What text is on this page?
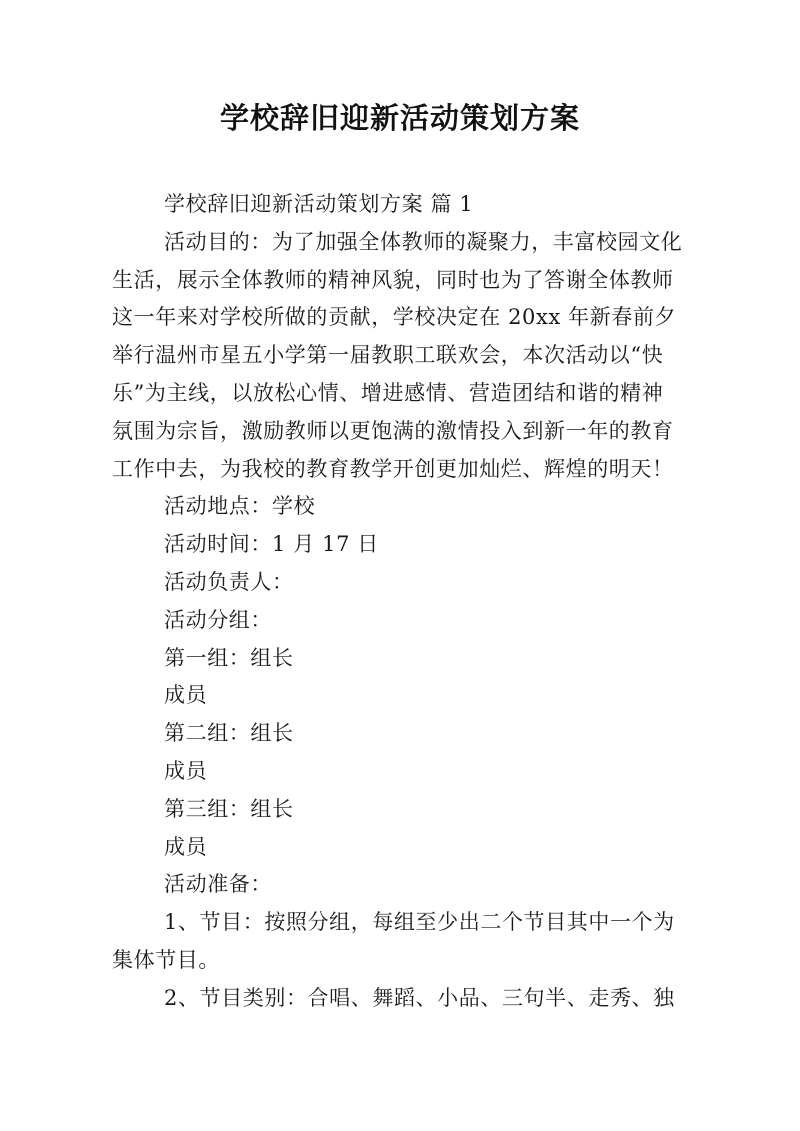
学校辞旧迎新活动策划方案
学校辞旧迎新活动策划方案 篇 1
活动目的：为了加强全体教师的凝聚力，丰富校园文化
生活，展示全体教师的精神风貌，同时也为了答谢全体教师
这一年来对学校所做的贡献，学校决定在 20xx 年新春前夕
举行温州市星五小学第一届教职工联欢会，本次活动以“快
乐”为主线，以放松心情、增进感情、营造团结和谐的精神
氛围为宗旨，激励教师以更饱满的激情投入到新一年的教育
工作中去，为我校的教育教学开创更加灿烂、辉煌的明天！
活动地点：学校
活动时间：1 月 17 日
活动负责人：
活动分组：
第一组：组长
成员
第二组：组长
成员
第三组：组长
成员
活动准备：
1、节目：按照分组，每组至少出二个节目其中一个为
集体节目。
2、节目类别：合唱、舞蹈、小品、三句半、走秀、独
